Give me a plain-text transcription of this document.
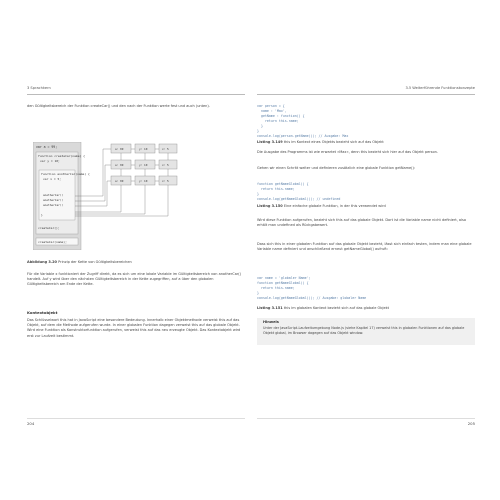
3 Sprachkern
den Gültigkeitsbereich der Funktion createCar() und den nach der Funktion werte fest und auch (unten).
var a = 99;
function createCar(name) {
var y = 10;
function anotherCar(name) {
var x = 5;
anotherCar()
anotherCar()
anotherCar()
}
createCar();
createCar(name);
a: 99	y: 10	x: 5
a: 99	y: 10	x: 5
a: 99	y: 10	x: 5
Abbildung 3.20 Prinzip der Kette von Gültigkeitsbereichen
Für die Variable x funktioniert der Zugriff direkt, da es sich um eine lokale Variable im Gültigkeitsbereich von anotherCar() handelt. Auf y wird über den nächsten Gültigkeitsbereich in der Kette zugegriffen, auf a über den globalen Gültigkeitsbereich am Ende der Kette.
Kontextobjekt
Das Schlüsselwort this hat in JavaScript eine besondere Bedeutung. Innerhalb einer Objektmethode verweist this auf das Objekt, auf dem die Methode aufgerufen wurde. In einer globalen Funktion dagegen verweist this auf das globale Objekt. Wird eine Funktion als Konstruktorfunktion aufgerufen, verweist this auf das neu erzeugte Objekt. Das Kontextobjekt wird erst zur Laufzeit bestimmt.
204
3.5 Weiterführende Funktionskonzepte
var person = {
name : 'Max',
getName : function() {
return this.name;
}
}
console.log(person.getName()); // Ausgabe: Max
Listing 3.149 this im Kontext eines Objekts bezieht sich auf das Objekt
Die Ausgabe des Programms ist wie erwartet »Max«, denn this bezieht sich hier auf das Objekt person.
Gehen wir einen Schritt weiter und definieren zusätzlich eine globale Funktion getName():
function getNameGlobal() {
return this.name;
}
console.log(getNameGlobal()); // undefined
Listing 3.150 Eine einfache globale Funktion, in der this verwendet wird
Wird diese Funktion aufgerufen, bezieht sich this auf das globale Objekt. Dort ist die Variable name nicht definiert, also erhält man undefined als Rückgabewert.
Dass sich this in einer globalen Funktion auf das globale Objekt bezieht, lässt sich einfach testen, indem man eine globale Variable name definiert und anschließend erneut getNameGlobal() aufruft:
var name = 'globaler Name';
function getNameGlobal() {
return this.name;
}
console.log(getNameGlobal()); // Ausgabe: globaler Name
Listing 3.151 this im globalen Kontext bezieht sich auf das globale Objekt
Hinweis
Unter der JavaScript-Laufzeitumgebung Node.js (siehe Kapitel 17) verweist this in globalen Funktionen auf das globale Objekt global, im Browser dagegen auf das Objekt window.
205
